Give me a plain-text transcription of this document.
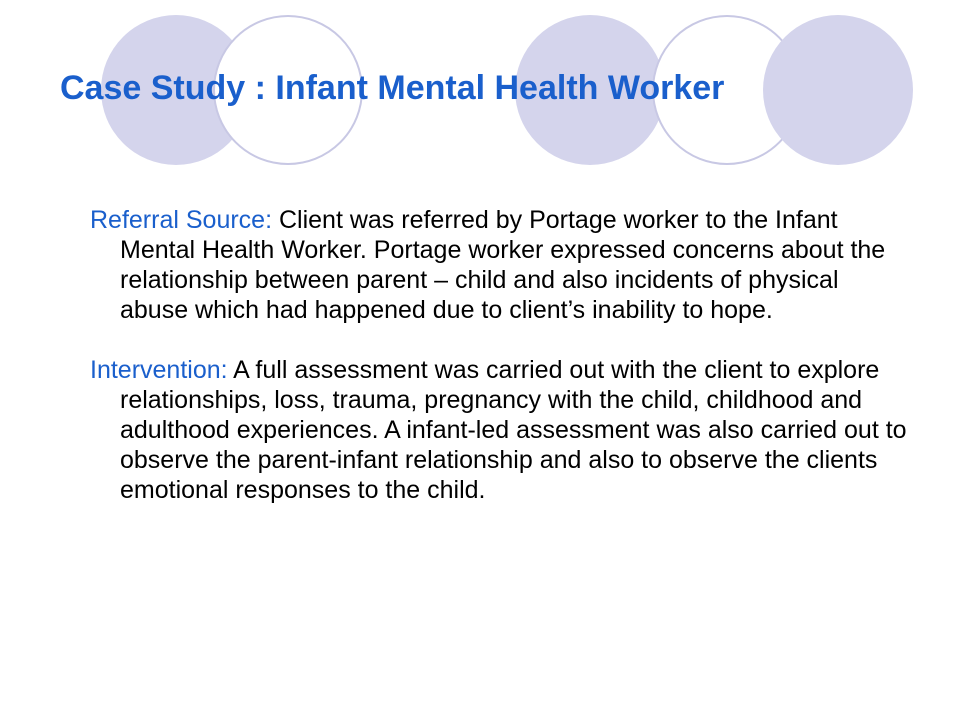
Case Study : Infant Mental Health Worker

Referral Source: Client was referred by Portage worker to the Infant Mental Health Worker. Portage worker expressed concerns about the relationship between parent – child and also incidents of physical abuse which had happened due to client’s inability to hope.

Intervention: A full assessment was carried out with the client to explore relationships, loss, trauma, pregnancy with the child, childhood and adulthood experiences. A infant-led assessment was also carried out to observe the parent-infant relationship and also to observe the clients emotional responses to the child.
